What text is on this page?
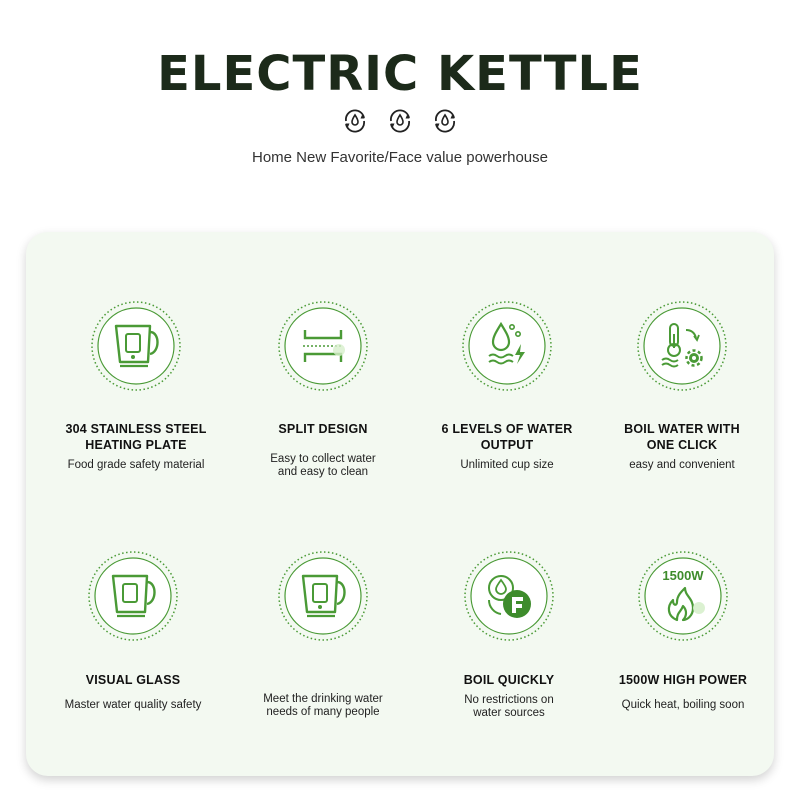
ELECTRIC KETTLE
Home New Favorite/Face value powerhouse
304 STAINLESS STEEL
HEATING PLATE
Food grade safety material
SPLIT DESIGN
Easy to collect water
and easy to clean
6 LEVELS OF WATER
OUTPUT
Unlimited cup size
BOIL WATER WITH
ONE CLICK
easy and convenient
VISUAL GLASS
Master water quality safety	Meet the drinking water
needs of many people
BOIL QUICKLY
No restrictions on
water sources
1500W
1500W HIGH POWER
Quick heat, boiling soon
